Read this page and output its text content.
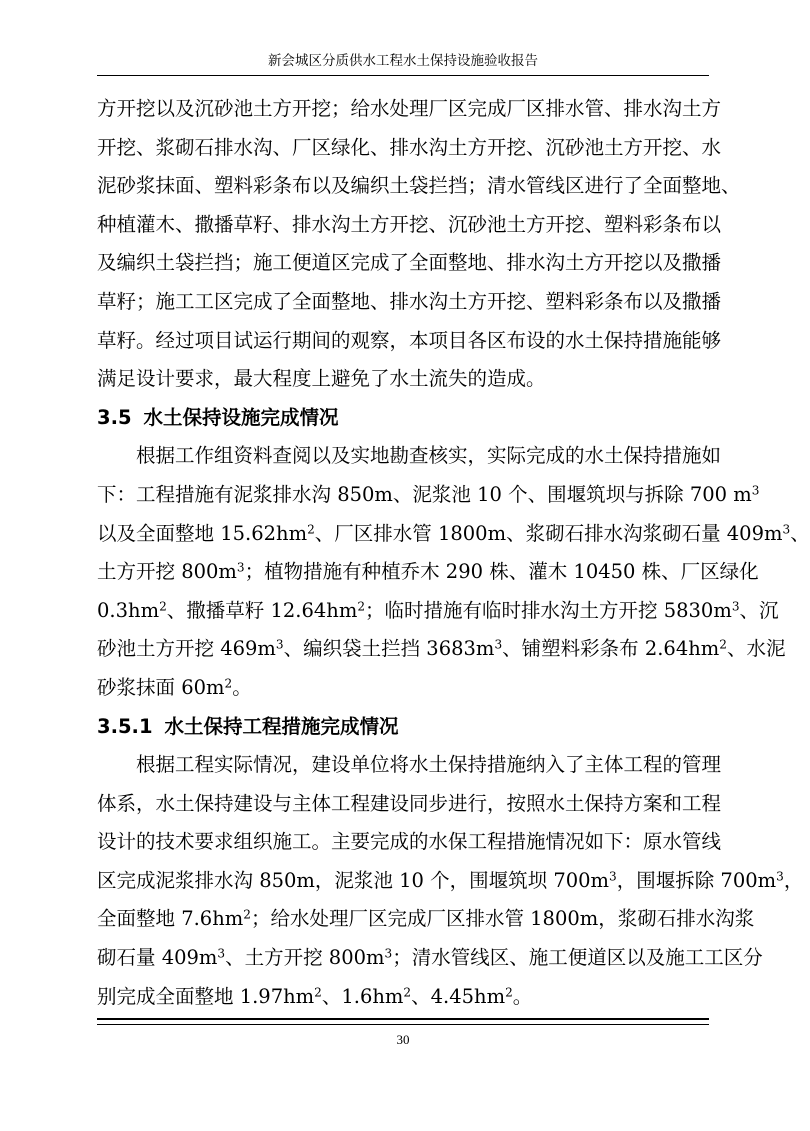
新会城区分质供水工程水土保持设施验收报告
方开挖以及沉砂池土方开挖；给水处理厂区完成厂区排水管、排水沟土方
开挖、浆砌石排水沟、厂区绿化、排水沟土方开挖、沉砂池土方开挖、水
泥砂浆抹面、塑料彩条布以及编织土袋拦挡；清水管线区进行了全面整地、
种植灌木、撒播草籽、排水沟土方开挖、沉砂池土方开挖、塑料彩条布以
及编织土袋拦挡；施工便道区完成了全面整地、排水沟土方开挖以及撒播
草籽；施工工区完成了全面整地、排水沟土方开挖、塑料彩条布以及撒播
草籽。经过项目试运行期间的观察，本项目各区布设的水土保持措施能够
满足设计要求，最大程度上避免了水土流失的造成。
3.5 水土保持设施完成情况
根据工作组资料查阅以及实地勘查核实，实际完成的水土保持措施如
下：工程措施有泥浆排水沟 850m、泥浆池 10 个、围堰筑坝与拆除 700 $m^3$
以及全面整地 $15.62hm^2$、厂区排水管 1800m、浆砌石排水沟浆砌石量 $409m^3$、
土方开挖 $800m^3$；植物措施有种植乔木 290 株、灌木 10450 株、厂区绿化
$0.3hm^2$、撒播草籽 $12.64hm^2$；临时措施有临时排水沟土方开挖 $5830m^3$、沉
砂池土方开挖 $469m^3$、编织袋土拦挡 $3683m^3$、铺塑料彩条布 $2.64hm^2$、水泥
砂浆抹面 $60m^2$。
3.5.1 水土保持工程措施完成情况
根据工程实际情况，建设单位将水土保持措施纳入了主体工程的管理
体系，水土保持建设与主体工程建设同步进行，按照水土保持方案和工程
设计的技术要求组织施工。主要完成的水保工程措施情况如下：原水管线
区完成泥浆排水沟 850m，泥浆池 10 个，围堰筑坝 $700m^3$，围堰拆除 $700m^3$，
全面整地 $7.6hm^2$；给水处理厂区完成厂区排水管 1800m，浆砌石排水沟浆
砌石量 $409m^3$、土方开挖 $800m^3$；清水管线区、施工便道区以及施工工区分
别完成全面整地 $1.97hm^2$、$1.6hm^2$、$4.45hm^2$。
30
